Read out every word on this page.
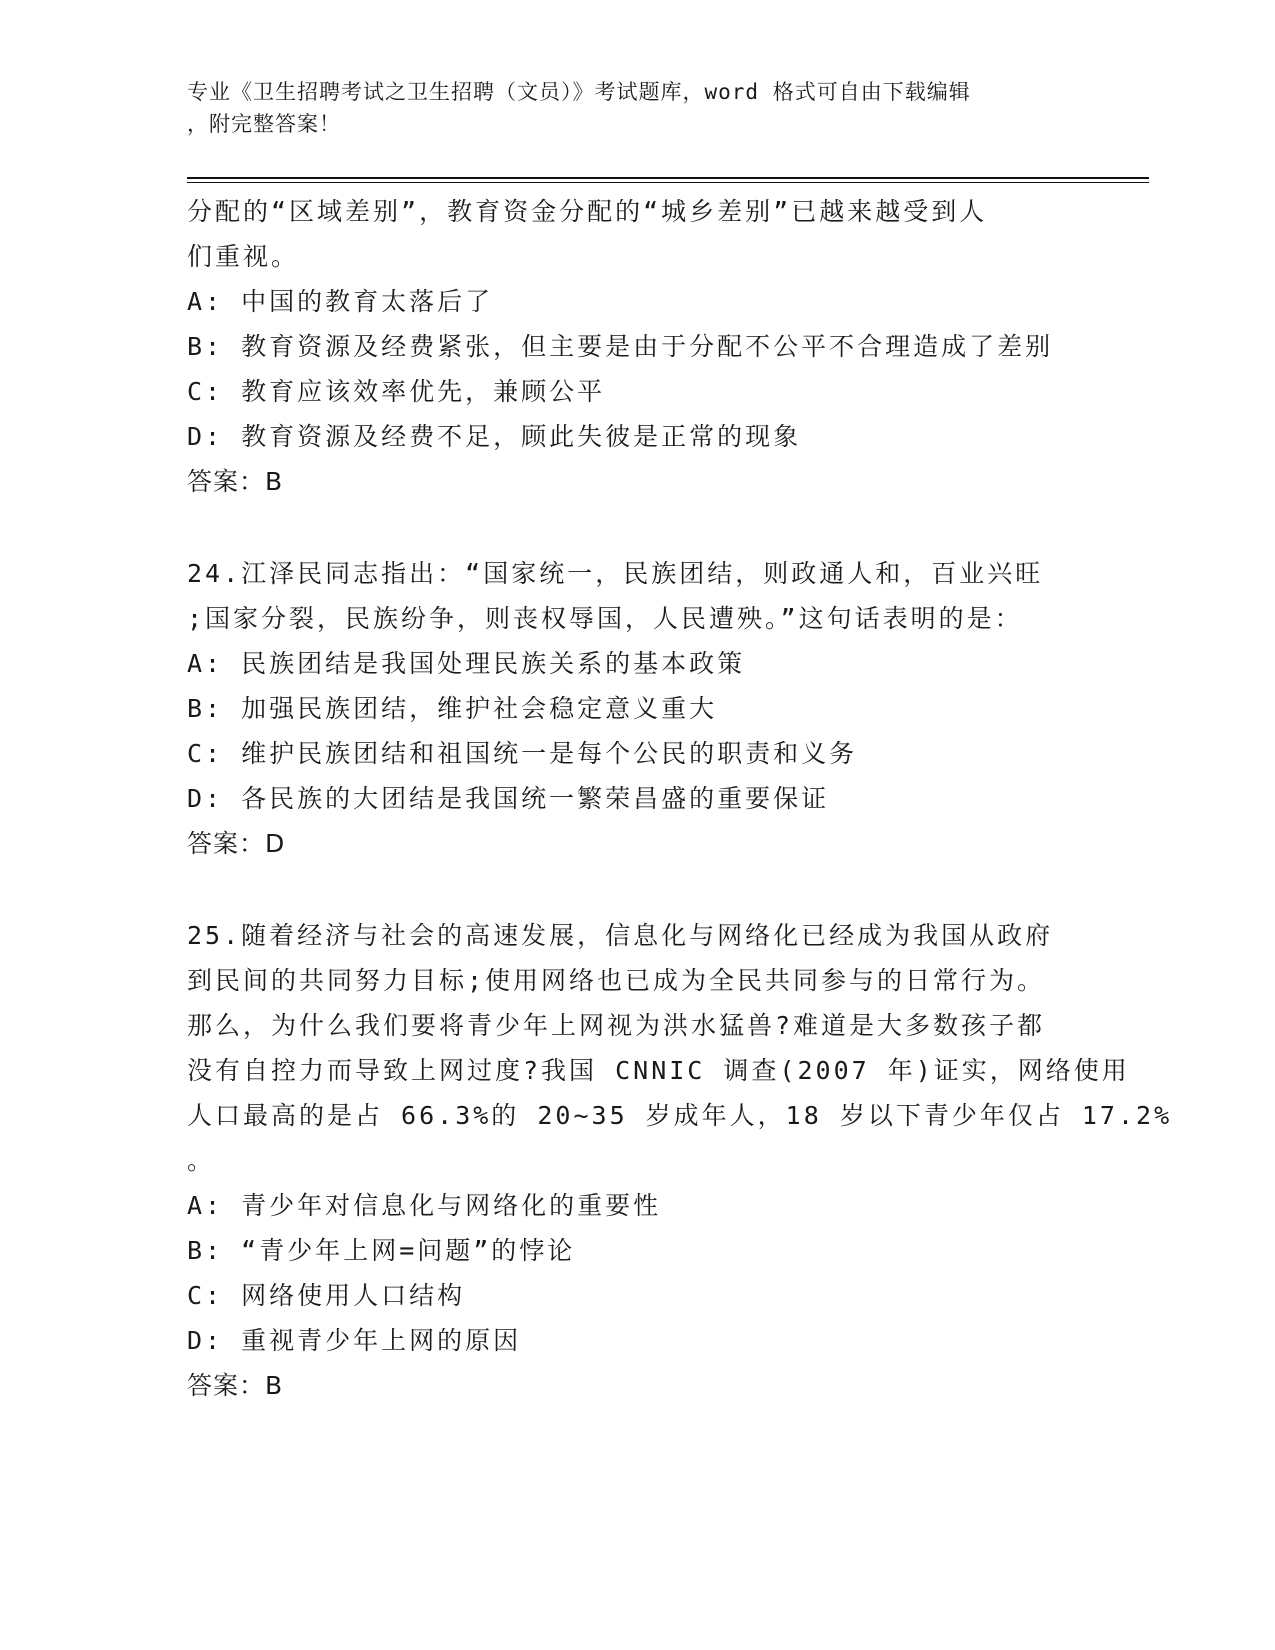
专业《卫生招聘考试之卫生招聘（文员）》考试题库，word 格式可自由下载编辑
，附完整答案！
分配的“区域差别”，教育资金分配的“城乡差别”已越来越受到人
们重视。
A: 中国的教育太落后了
B: 教育资源及经费紧张，但主要是由于分配不公平不合理造成了差别
C: 教育应该效率优先，兼顾公平
D: 教育资源及经费不足，顾此失彼是正常的现象
答案：B
24.江泽民同志指出：“国家统一，民族团结，则政通人和，百业兴旺
;国家分裂，民族纷争，则丧权辱国，人民遭殃。”这句话表明的是：
A: 民族团结是我国处理民族关系的基本政策
B: 加强民族团结，维护社会稳定意义重大
C: 维护民族团结和祖国统一是每个公民的职责和义务
D: 各民族的大团结是我国统一繁荣昌盛的重要保证
答案：D
25.随着经济与社会的高速发展，信息化与网络化已经成为我国从政府
到民间的共同努力目标;使用网络也已成为全民共同参与的日常行为。
那么，为什么我们要将青少年上网视为洪水猛兽?难道是大多数孩子都
没有自控力而导致上网过度?我国 CNNIC 调查(2007 年)证实，网络使用
人口最高的是占 66.3%的 20~35 岁成年人，18 岁以下青少年仅占 17.2%
。
A: 青少年对信息化与网络化的重要性
B: “青少年上网=问题”的悖论
C: 网络使用人口结构
D: 重视青少年上网的原因
答案：B
